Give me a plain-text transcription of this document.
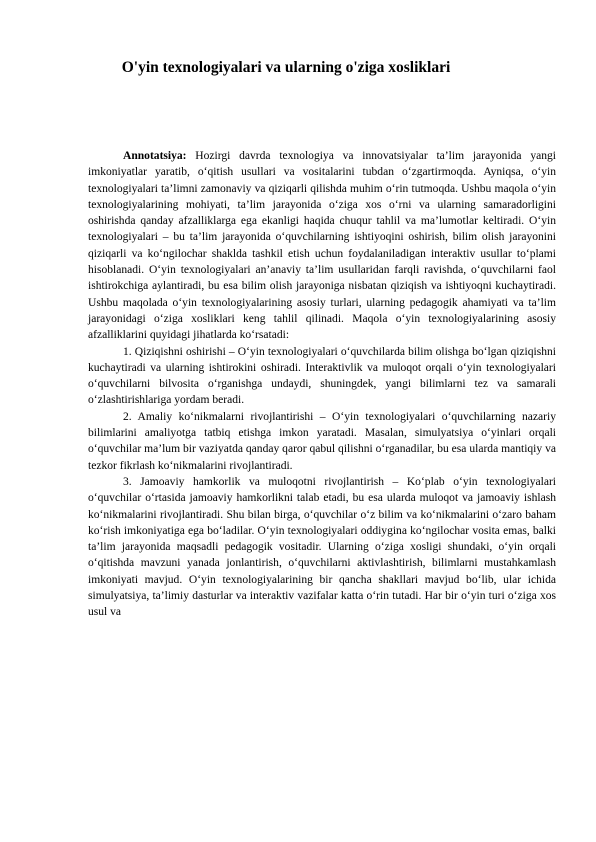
O'yin texnologiyalari va ularning o'ziga xosliklari

Annotatsiya: Hozirgi davrda texnologiya va innovatsiyalar ta’lim jarayonida yangi imkoniyatlar yaratib, oʻqitish usullari va vositalarini tubdan oʻzgartirmoqda. Ayniqsa, oʻyin texnologiyalari ta’limni zamonaviy va qiziqarli qilishda muhim oʻrin tutmoqda. Ushbu maqola oʻyin texnologiyalarining mohiyati, ta’lim jarayonida oʻziga xos oʻrni va ularning samaradorligini oshirishda qanday afzalliklarga ega ekanligi haqida chuqur tahlil va ma’lumotlar keltiradi. Oʻyin texnologiyalari – bu ta’lim jarayonida oʻquvchilarning ishtiyoqini oshirish, bilim olish jarayonini qiziqarli va koʻngilochar shaklda tashkil etish uchun foydalaniladigan interaktiv usullar toʻplami hisoblanadi. Oʻyin texnologiyalari an’anaviy ta’lim usullaridan farqli ravishda, oʻquvchilarni faol ishtirokchiga aylantiradi, bu esa bilim olish jarayoniga nisbatan qiziqish va ishtiyoqni kuchaytiradi. Ushbu maqolada oʻyin texnologiyalarining asosiy turlari, ularning pedagogik ahamiyati va ta’lim jarayonidagi oʻziga xosliklari keng tahlil qilinadi. Maqola oʻyin texnologiyalarining asosiy afzalliklarini quyidagi jihatlarda koʻrsatadi:

1. Qiziqishni oshirishi – Oʻyin texnologiyalari oʻquvchilarda bilim olishga boʻlgan qiziqishni kuchaytiradi va ularning ishtirokini oshiradi. Interaktivlik va muloqot orqali oʻyin texnologiyalari oʻquvchilarni bilvosita oʻrganishga undaydi, shuningdek, yangi bilimlarni tez va samarali oʻzlashtirishlariga yordam beradi.

2. Amaliy koʻnikmalarni rivojlantirishi – Oʻyin texnologiyalari oʻquvchilarning nazariy bilimlarini amaliyotga tatbiq etishga imkon yaratadi. Masalan, simulyatsiya oʻyinlari orqali oʻquvchilar ma’lum bir vaziyatda qanday qaror qabul qilishni oʻrganadilar, bu esa ularda mantiqiy va tezkor fikrlash koʻnikmalarini rivojlantiradi.

3. Jamoaviy hamkorlik va muloqotni rivojlantirish – Koʻplab oʻyin texnologiyalari oʻquvchilar oʻrtasida jamoaviy hamkorlikni talab etadi, bu esa ularda muloqot va jamoaviy ishlash koʻnikmalarini rivojlantiradi. Shu bilan birga, oʻquvchilar oʻz bilim va koʻnikmalarini oʻzaro baham koʻrish imkoniyatiga ega boʻladilar. Oʻyin texnologiyalari oddiygina koʻngilochar vosita emas, balki ta’lim jarayonida maqsadli pedagogik vositadir. Ularning oʻziga xosligi shundaki, oʻyin orqali oʻqitishda mavzuni yanada jonlantirish, oʻquvchilarni aktivlashtirish, bilimlarni mustahkamlash imkoniyati mavjud. Oʻyin texnologiyalarining bir qancha shakllari mavjud boʻlib, ular ichida simulyatsiya, ta’limiy dasturlar va interaktiv vazifalar katta oʻrin tutadi. Har bir oʻyin turi oʻziga xos usul va
